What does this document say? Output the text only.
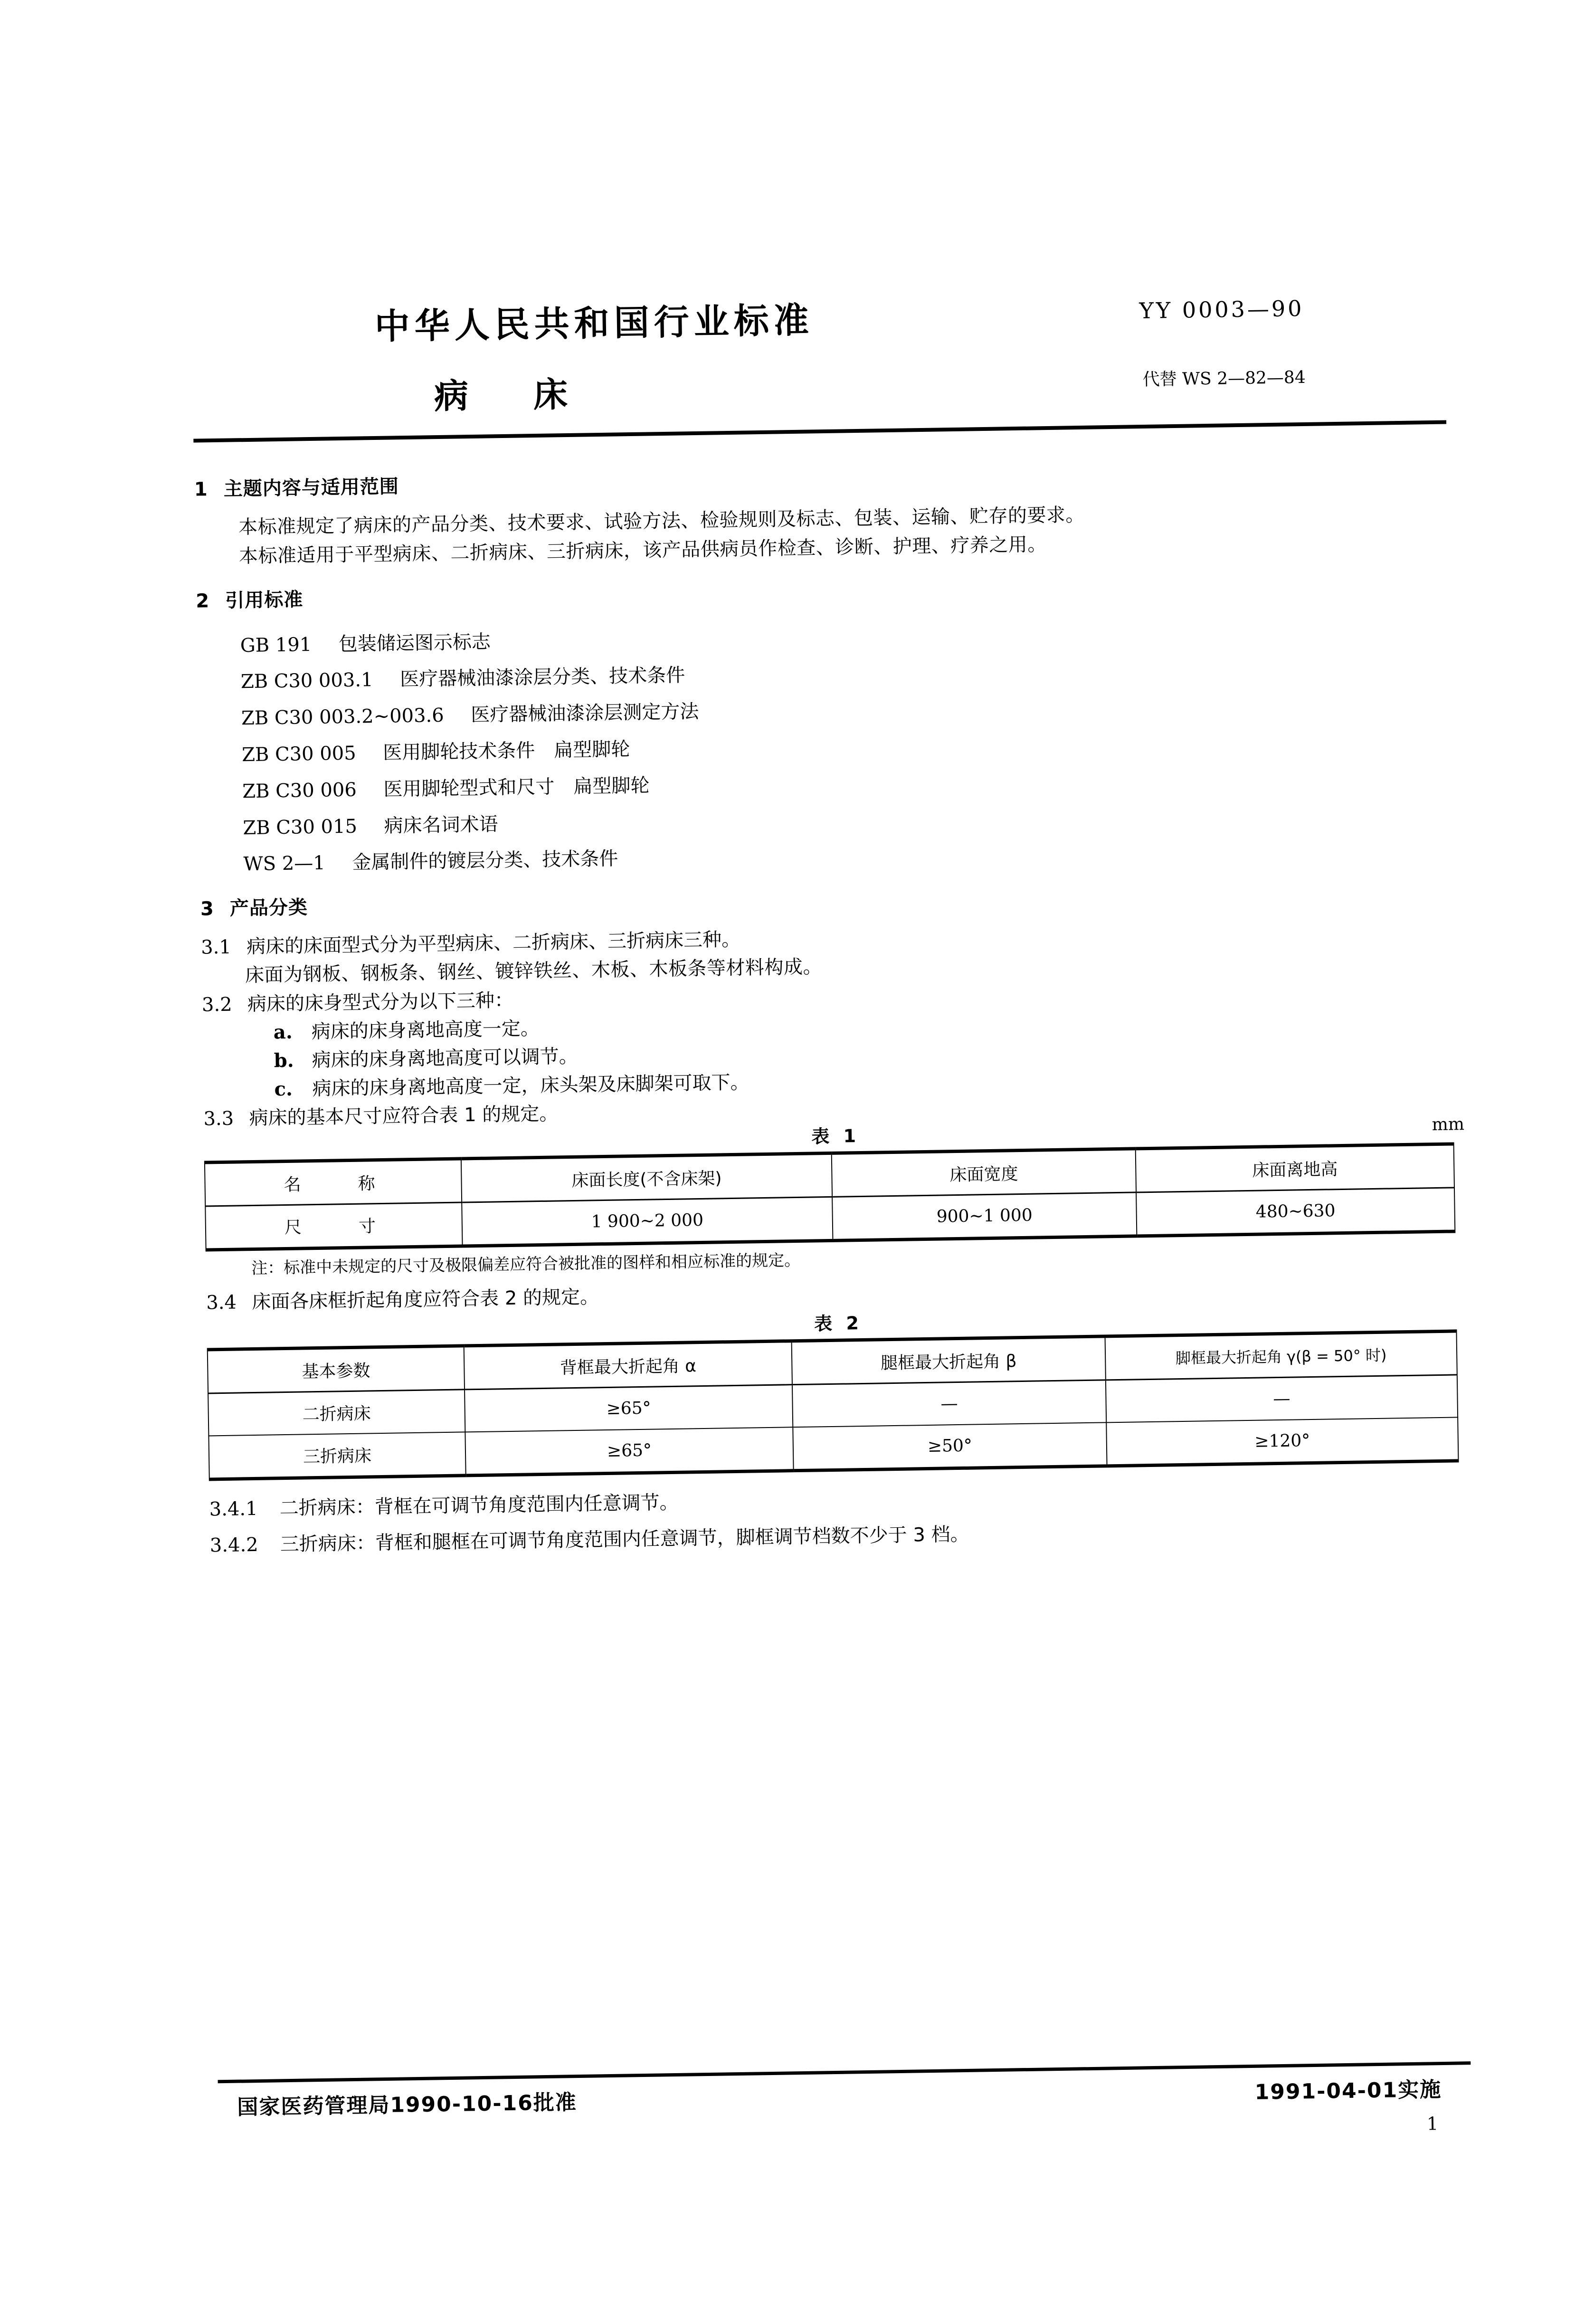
中华人民共和国行业标准	YY 0003—90
病 床	代替 WS 2—82—84
1 主题内容与适用范围

本标准规定了病床的产品分类、技术要求、试验方法、检验规则及标志、包装、运输、贮存的要求。

本标准适用于平型病床、二折病床、三折病床，该产品供病员作检查、诊断、护理、疗养之用。

2 引用标准

GB 191 包装储运图示标志

ZB C30 003.1 医疗器械油漆涂层分类、技术条件

ZB C30 003.2~003.6 医疗器械油漆涂层测定方法

ZB C30 005 医用脚轮技术条件　扁型脚轮

ZB C30 006 医用脚轮型式和尺寸　扁型脚轮

ZB C30 015 病床名词术语

WS 2—1 金属制件的镀层分类、技术条件

3 产品分类
3.1 病床的床面型式分为平型病床、二折病床、三折病床三种。

床面为钢板、钢板条、钢丝、镀锌铁丝、木板、木板条等材料构成。

3.2 病床的床身型式分为以下三种：
a. 病床的床身离地高度一定。
b. 病床的床身离地高度可以调节。
c.	病床的床身离地高度一定，床头架及床脚架可取下。
3.3 病床的基本尺寸应符合表 1 的规定。	mm
表 1
名　　称	床面长度(不含床架)	床面宽度	床面离地高
尺　　寸	1 900~2 000	900~1 000	480~630

注：标准中未规定的尺寸及极限偏差应符合被批准的图样和相应标准的规定。

3.4 床面各床框折起角度应符合表 2 的规定。
表 2
基本参数	背框最大折起角 α	腿框最大折起角 β	脚框最大折起角 γ(β = 50° 时)
二折病床	≥65°	—	—
三折病床	≥65°	≥50°	≥120°
3.4.1	二折病床：背框在可调节角度范围内任意调节。
3.4.2	三折病床：背框和腿框在可调节角度范围内任意调节，脚框调节档数不少于 3 档。
国家医药管理局1990-10-16批准	1991-04-01实施
1
